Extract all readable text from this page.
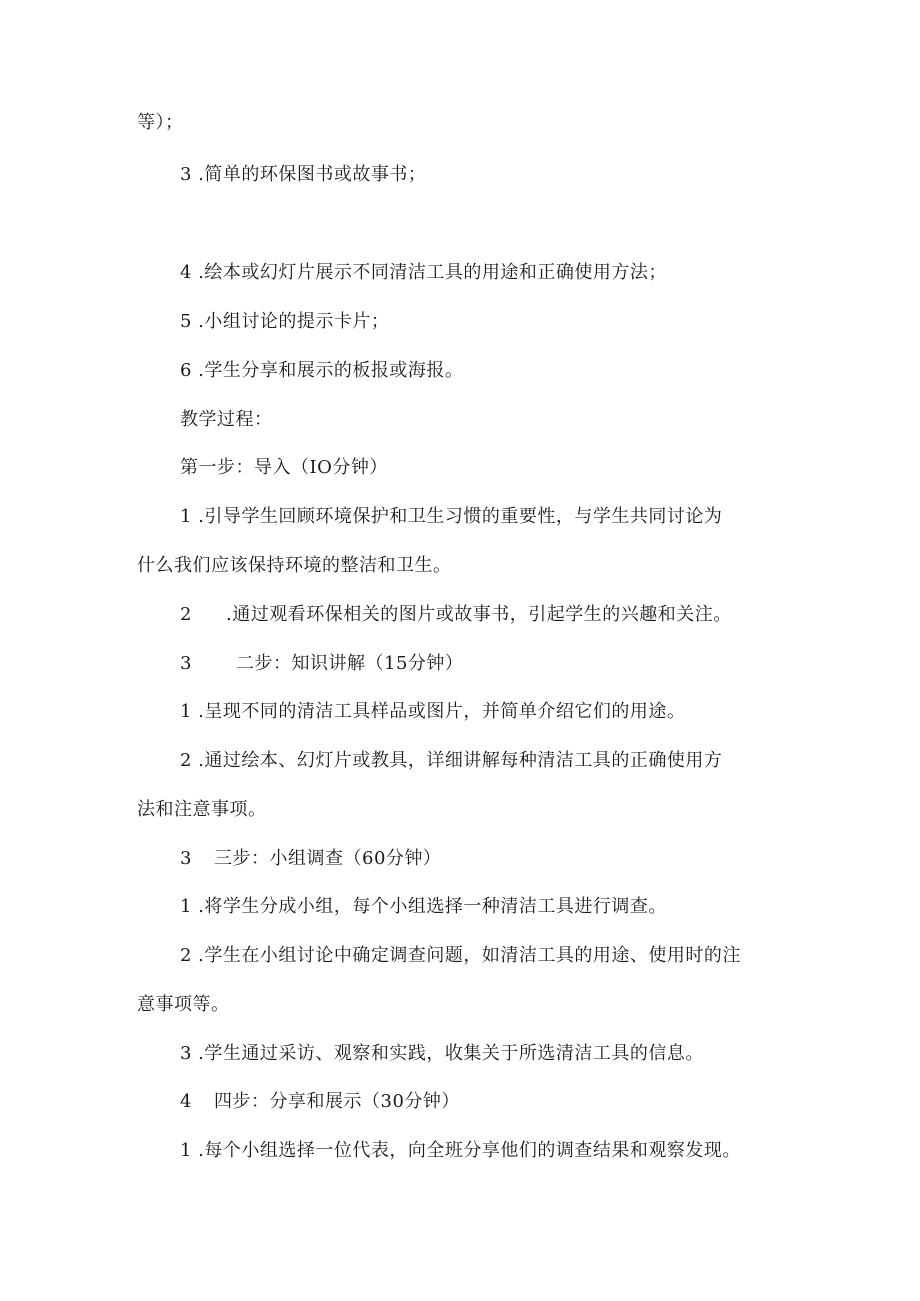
等）；
3 .简单的环保图书或故事书；
4 .绘本或幻灯片展示不同清洁工具的用途和正确使用方法；
5 .小组讨论的提示卡片；
6 .学生分享和展示的板报或海报。
教学过程：
第一步：导入（IO分钟）
1 .引导学生回顾环境保护和卫生习惯的重要性，与学生共同讨论为
什么我们应该保持环境的整洁和卫生。
2 .通过观看环保相关的图片或故事书，引起学生的兴趣和关注。
3 二步：知识讲解（15分钟）
1 .呈现不同的清洁工具样品或图片，并简单介绍它们的用途。
2 .通过绘本、幻灯片或教具，详细讲解每种清洁工具的正确使用方
法和注意事项。
3 三步：小组调查（60分钟）
1 .将学生分成小组，每个小组选择一种清洁工具进行调查。
2 .学生在小组讨论中确定调查问题，如清洁工具的用途、使用时的注
意事项等。
3 .学生通过采访、观察和实践，收集关于所选清洁工具的信息。
4 四步：分享和展示（30分钟）
1 .每个小组选择一位代表，向全班分享他们的调查结果和观察发现。
